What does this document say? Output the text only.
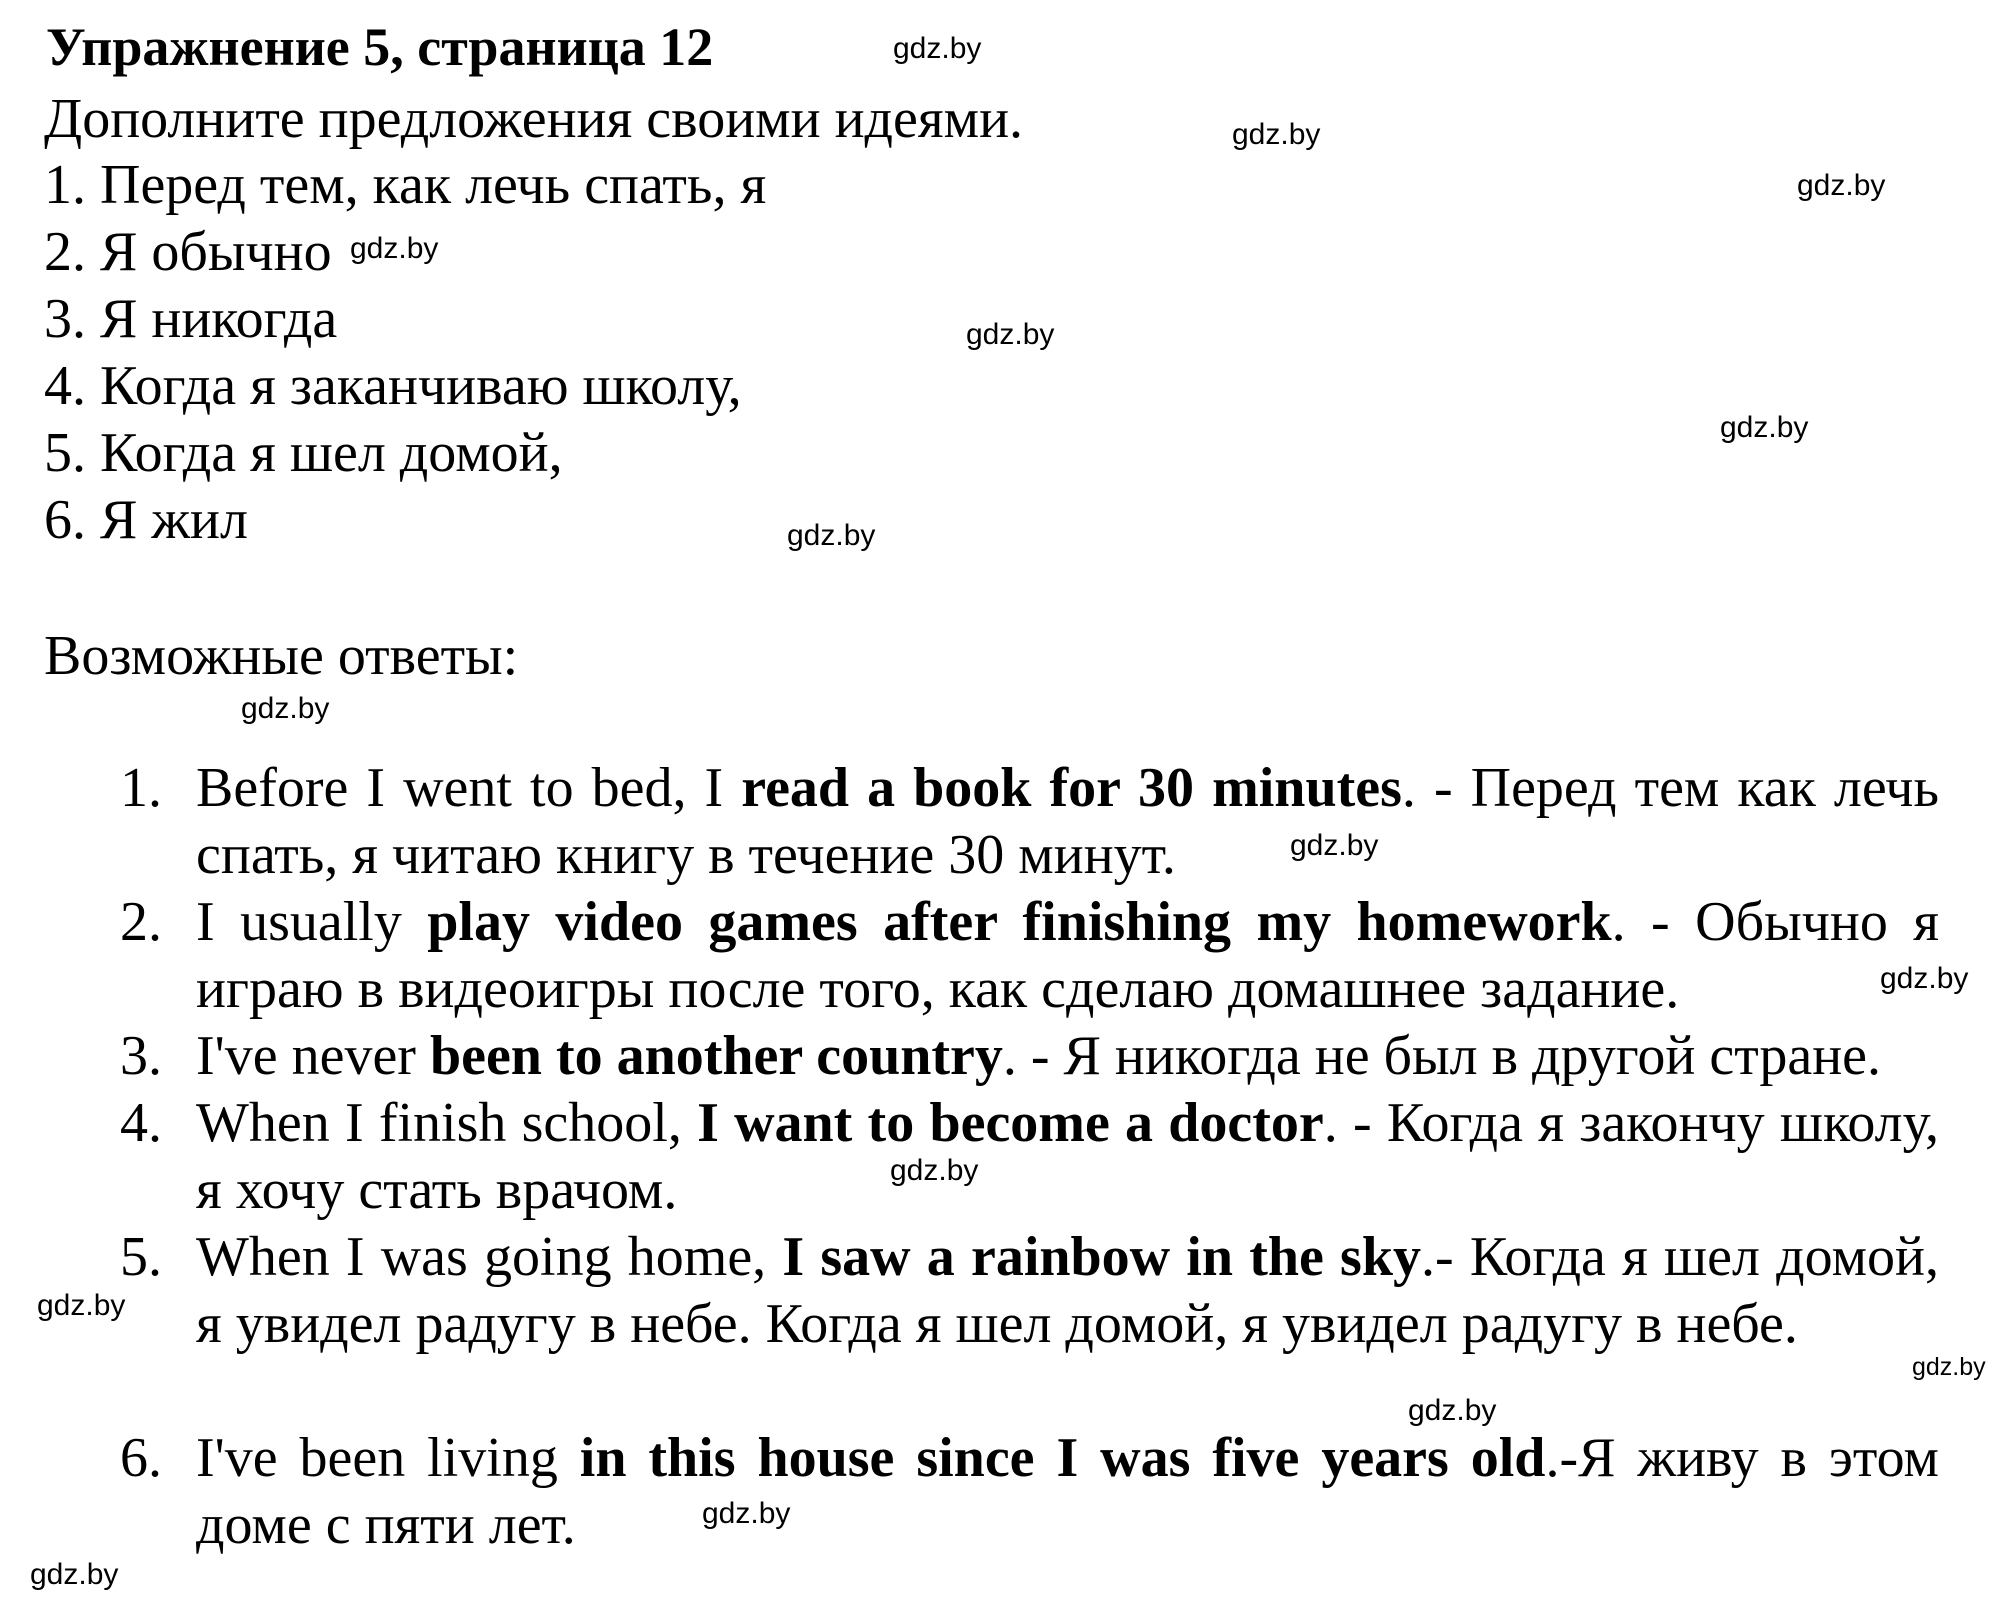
Упражнение 5, страница 12
Дополните предложения своими идеями.
1. Перед тем, как лечь спать, я
2. Я обычно
3. Я никогда
4. Когда я заканчиваю школу,
5. Когда я шел домой,
6. Я жил
Возможные ответы:
1. Before I went to bed, I read a book for 30 minutes. - Перед тем как лечь спать, я читаю книгу в течение 30 минут.
2. I usually play video games after finishing my homework. - Обычно я играю в видеоигры после того, как сделаю домашнее задание.
3. I've never been to another country. - Я никогда не был в другой стране.
4. When I finish school, I want to become a doctor. - Когда я закончу школу, я хочу стать врачом.
5. When I was going home, I saw a rainbow in the sky.- Когда я шел домой, я увидел радугу в небе. Когда я шел домой, я увидел радугу в небе.
6. I've been living in this house since I was five years old.-Я живу в этом доме с пяти лет.
gdz.by
gdz.by
gdz.by
gdz.by
gdz.by
gdz.by
gdz.by
gdz.by
gdz.by
gdz.by
gdz.by
gdz.by
gdz.by
gdz.by
gdz.by
gdz.by
